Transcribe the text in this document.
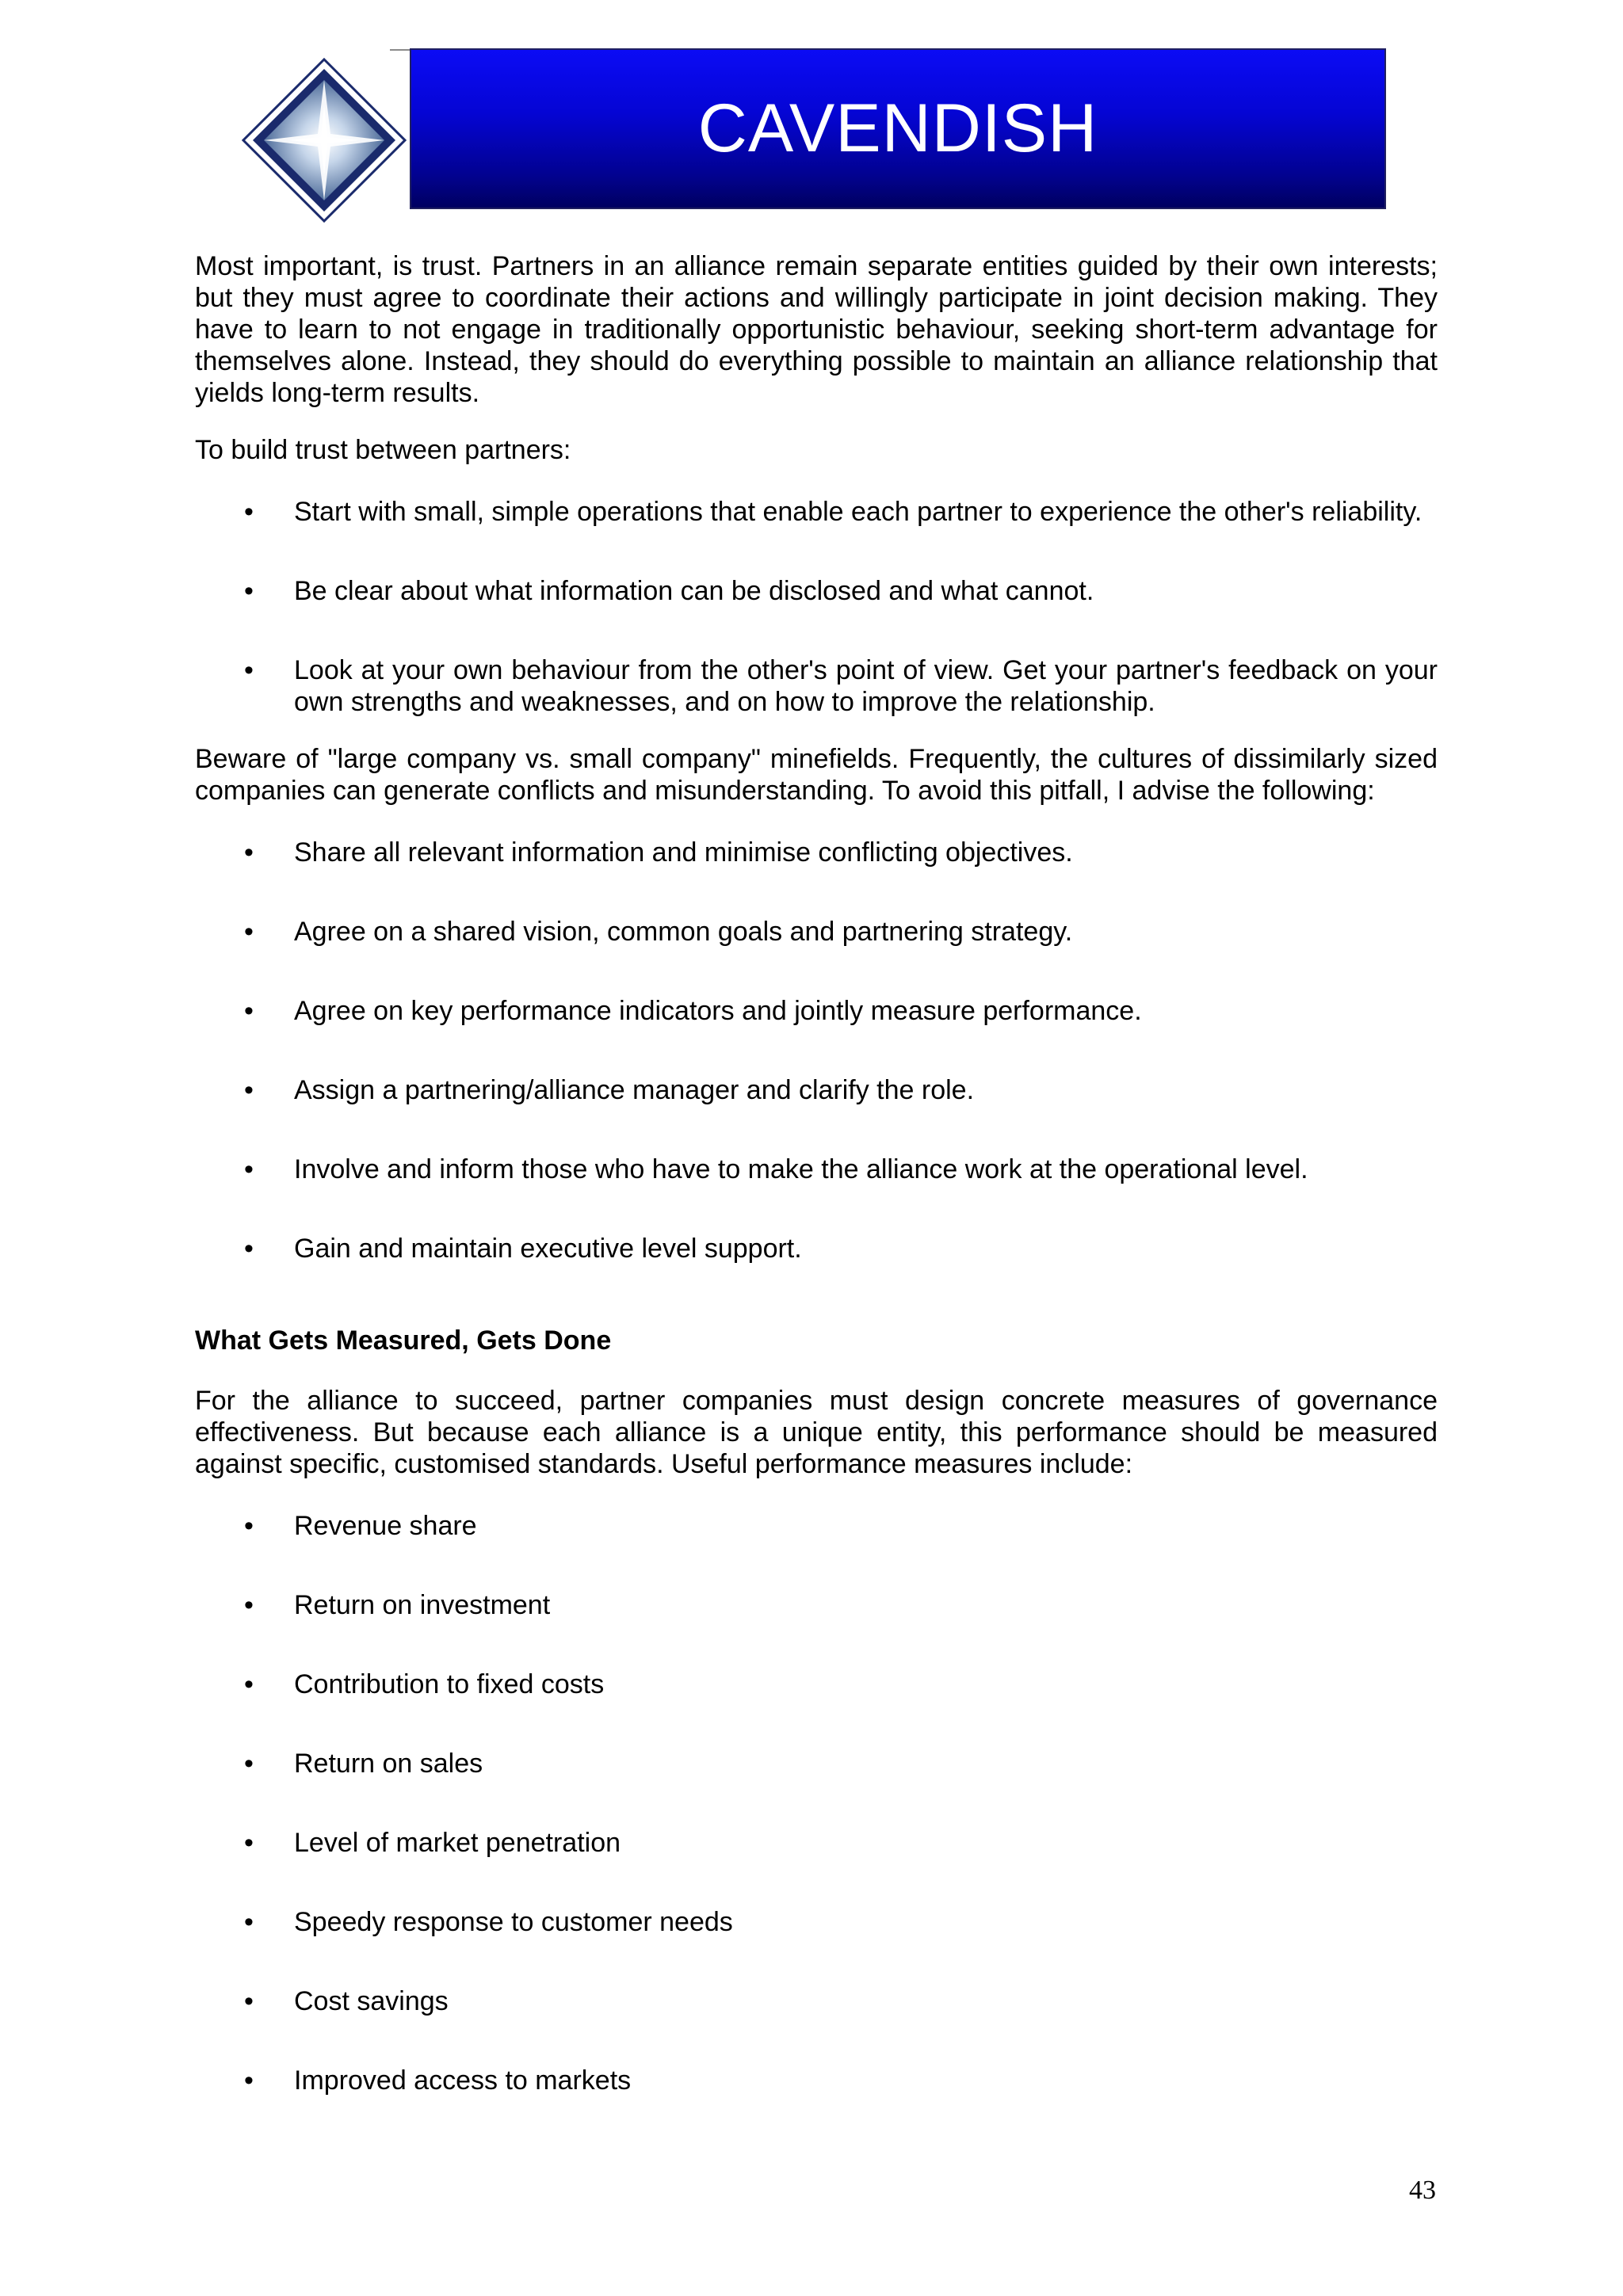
CAVENDISH

Most important, is trust. Partners in an alliance remain separate entities guided by their own interests; but they must agree to coordinate their actions and willingly participate in joint decision making. They have to learn to not engage in traditionally opportunistic behaviour, seeking short-term advantage for themselves alone. Instead, they should do everything possible to maintain an alliance relationship that yields long-term results.

To build trust between partners:

• Start with small, simple operations that enable each partner to experience the other's reliability.
• Be clear about what information can be disclosed and what cannot.
• Look at your own behaviour from the other's point of view. Get your partner's feedback on your own strengths and weaknesses, and on how to improve the relationship.

Beware of "large company vs. small company" minefields. Frequently, the cultures of dissimilarly sized companies can generate conflicts and misunderstanding. To avoid this pitfall, I advise the following:

• Share all relevant information and minimise conflicting objectives.
• Agree on a shared vision, common goals and partnering strategy.
• Agree on key performance indicators and jointly measure performance.
• Assign a partnering/alliance manager and clarify the role.
• Involve and inform those who have to make the alliance work at the operational level.
• Gain and maintain executive level support.
What Gets Measured, Gets Done

For the alliance to succeed, partner companies must design concrete measures of governance effectiveness. But because each alliance is a unique entity, this performance should be measured against specific, customised standards. Useful performance measures include:

• Revenue share
• Return on investment
• Contribution to fixed costs
• Return on sales
• Level of market penetration
• Speedy response to customer needs
• Cost savings
• Improved access to markets
43
